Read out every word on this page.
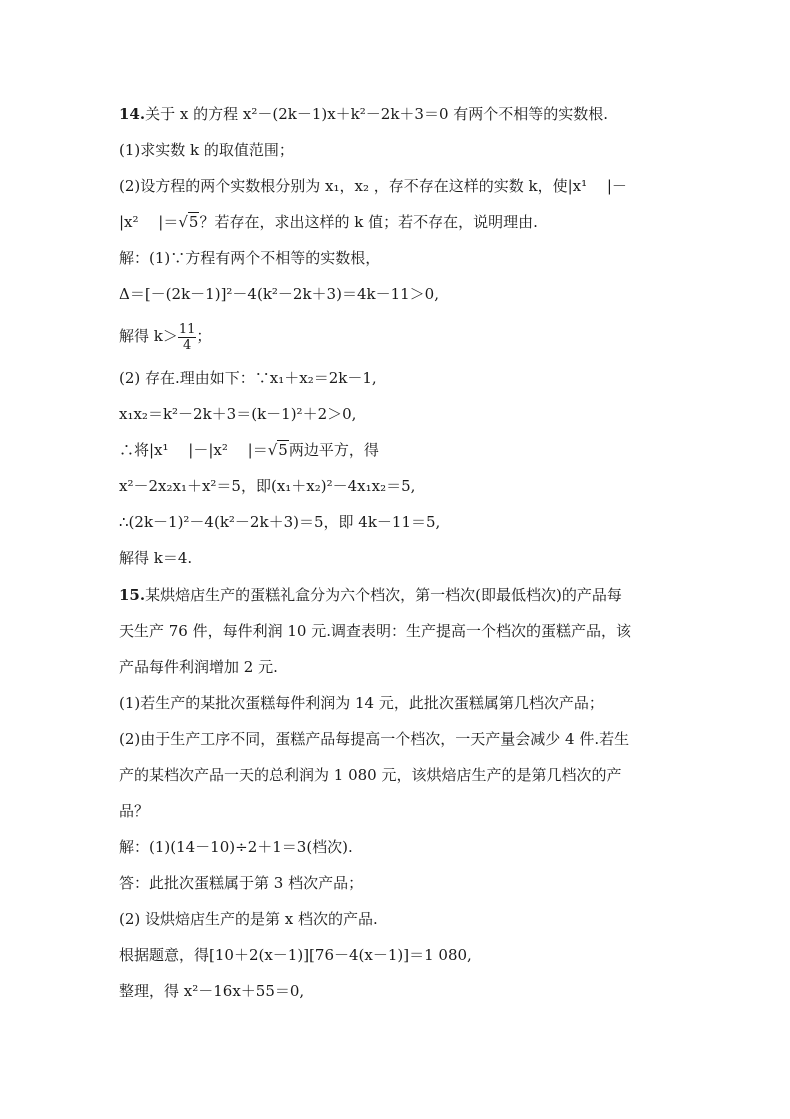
14.关于 x 的方程 x²－(2k－1)x＋k²－2k＋3＝0 有两个不相等的实数根.
(1)求实数 k 的取值范围；
(2)设方程的两个实数根分别为 x₁，x₂ ，存不存在这样的实数 k，使|x¹　 |－
|x²　 |＝√5？若存在，求出这样的 k 值；若不存在，说明理由.
解：(1)∵方程有两个不相等的实数根，
Δ＝[－(2k－1)]²－4(k²－2k＋3)＝4k－11＞0,
解得 $k> \frac{11}{4}$ ；
(2) 存在.理由如下：∵x₁＋x₂＝2k－1,
x₁x₂＝k²－2k＋3＝(k－1)²＋2＞0,
∴将|x¹　 |－|x²　 |＝√5两边平方，得
x²－2x₂x₁＋x²＝5，即(x₁＋x₂)²－4x₁x₂＝5,
∴(2k－1)²－4(k²－2k＋3)＝5，即 4k－11＝5,
解得 k＝4.
15.某烘焙店生产的蛋糕礼盒分为六个档次，第一档次(即最低档次)的产品每
天生产 76 件，每件利润 10 元.调查表明：生产提高一个档次的蛋糕产品，该
产品每件利润增加 2 元.
(1)若生产的某批次蛋糕每件利润为 14 元，此批次蛋糕属第几档次产品；
(2)由于生产工序不同，蛋糕产品每提高一个档次，一天产量会减少 4 件.若生
产的某档次产品一天的总利润为 1 080 元，该烘焙店生产的是第几档次的产
品？
解：(1)(14－10)÷2＋1＝3(档次).
答：此批次蛋糕属于第 3 档次产品；
(2) 设烘焙店生产的是第 x 档次的产品.
根据题意，得[10＋2(x－1)][76－4(x－1)]＝1 080,
整理，得 x²－16x＋55＝0,
